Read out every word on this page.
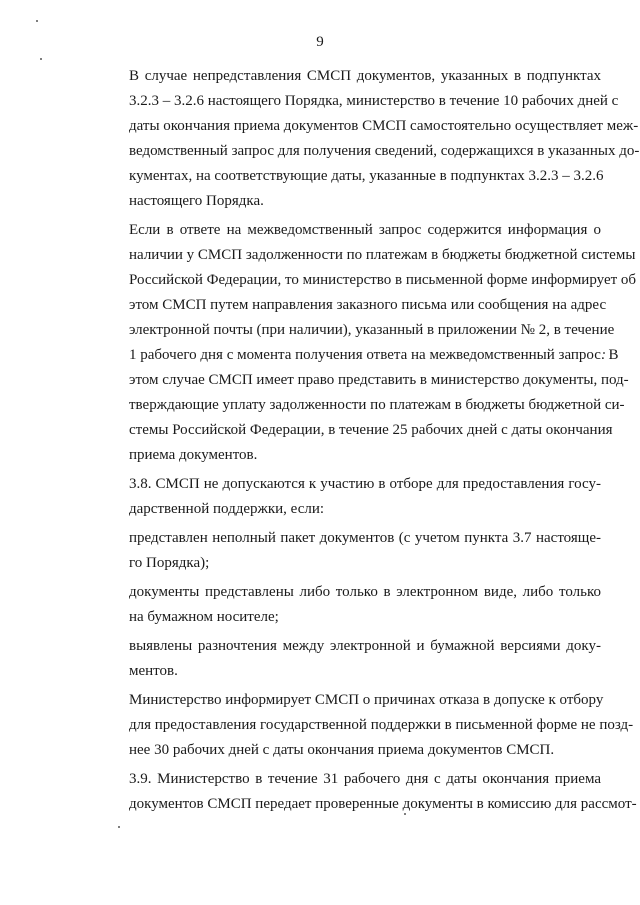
9

В случае непредставления СМСП документов, указанных в подпунктах
3.2.3 – 3.2.6 настоящего Порядка, министерство в течение 10 рабочих дней с
даты окончания приема документов СМСП самостоятельно осуществляет меж-
ведомственный запрос для получения сведений, содержащихся в указанных до-
кументах, на соответствующие даты, указанные в подпунктах 3.2.3 – 3.2.6
настоящего Порядка.

Если в ответе на межведомственный запрос содержится информация о
наличии у СМСП задолженности по платежам в бюджеты бюджетной системы
Российской Федерации, то министерство в письменной форме информирует об
этом СМСП путем направления заказного письма или сообщения на адрес
электронной почты (при наличии), указанный в приложении № 2, в течение
1 рабочего дня с момента получения ответа на межведомственный запрос. В
этом случае СМСП имеет право представить в министерство документы, под-
тверждающие уплату задолженности по платежам в бюджеты бюджетной си-
стемы Российской Федерации, в течение 25 рабочих дней с даты окончания
приема документов.

3.8. СМСП не допускаются к участию в отборе для предоставления госу-
дарственной поддержки, если:

представлен неполный пакет документов (с учетом пункта 3.7 настояще-
го Порядка);

документы представлены либо только в электронном виде, либо только
на бумажном носителе;

выявлены разночтения между электронной и бумажной версиями доку-
ментов.

Министерство информирует СМСП о причинах отказа в допуске к отбору
для предоставления государственной поддержки в письменной форме не позд-
нее 30 рабочих дней с даты окончания приема документов СМСП.

3.9. Министерство в течение 31 рабочего дня с даты окончания приема
документов СМСП передает проверенные документы в комиссию для рассмот-
